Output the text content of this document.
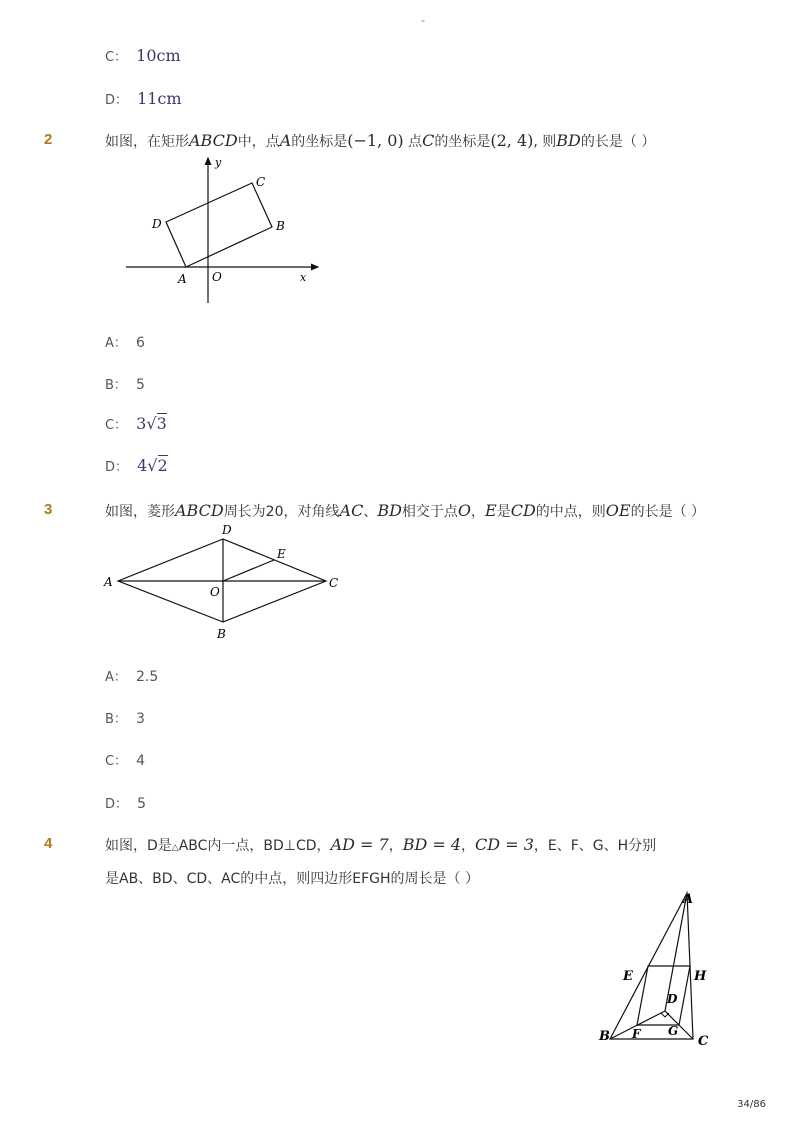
-
C： 10cm
D： 11cm
2	如图，在矩形ABCD中，点A的坐标是(−1, 0) 点C的坐标是(2, 4), 则BD的长是（ ）
y
C
D	B
A O	x
A： 6
B： 5
C： 3√3
D： 4√2
3	如图，菱形ABCD周长为20，对角线AC、BD相交于点O，E是CD的中点，则OE的长是（ ）
D
E
A
O
C
B
A： 2.5
B： 3
C： 4
D： 5
4	如图，D是△ABC内一点，BD⊥CD，AD = 7，BD = 4，CD = 3，E、F、G、H分别
是AB、BD、CD、AC的中点，则四边形EFGH的周长是（ ）
A
E	H
D
B F G
C
34/86
